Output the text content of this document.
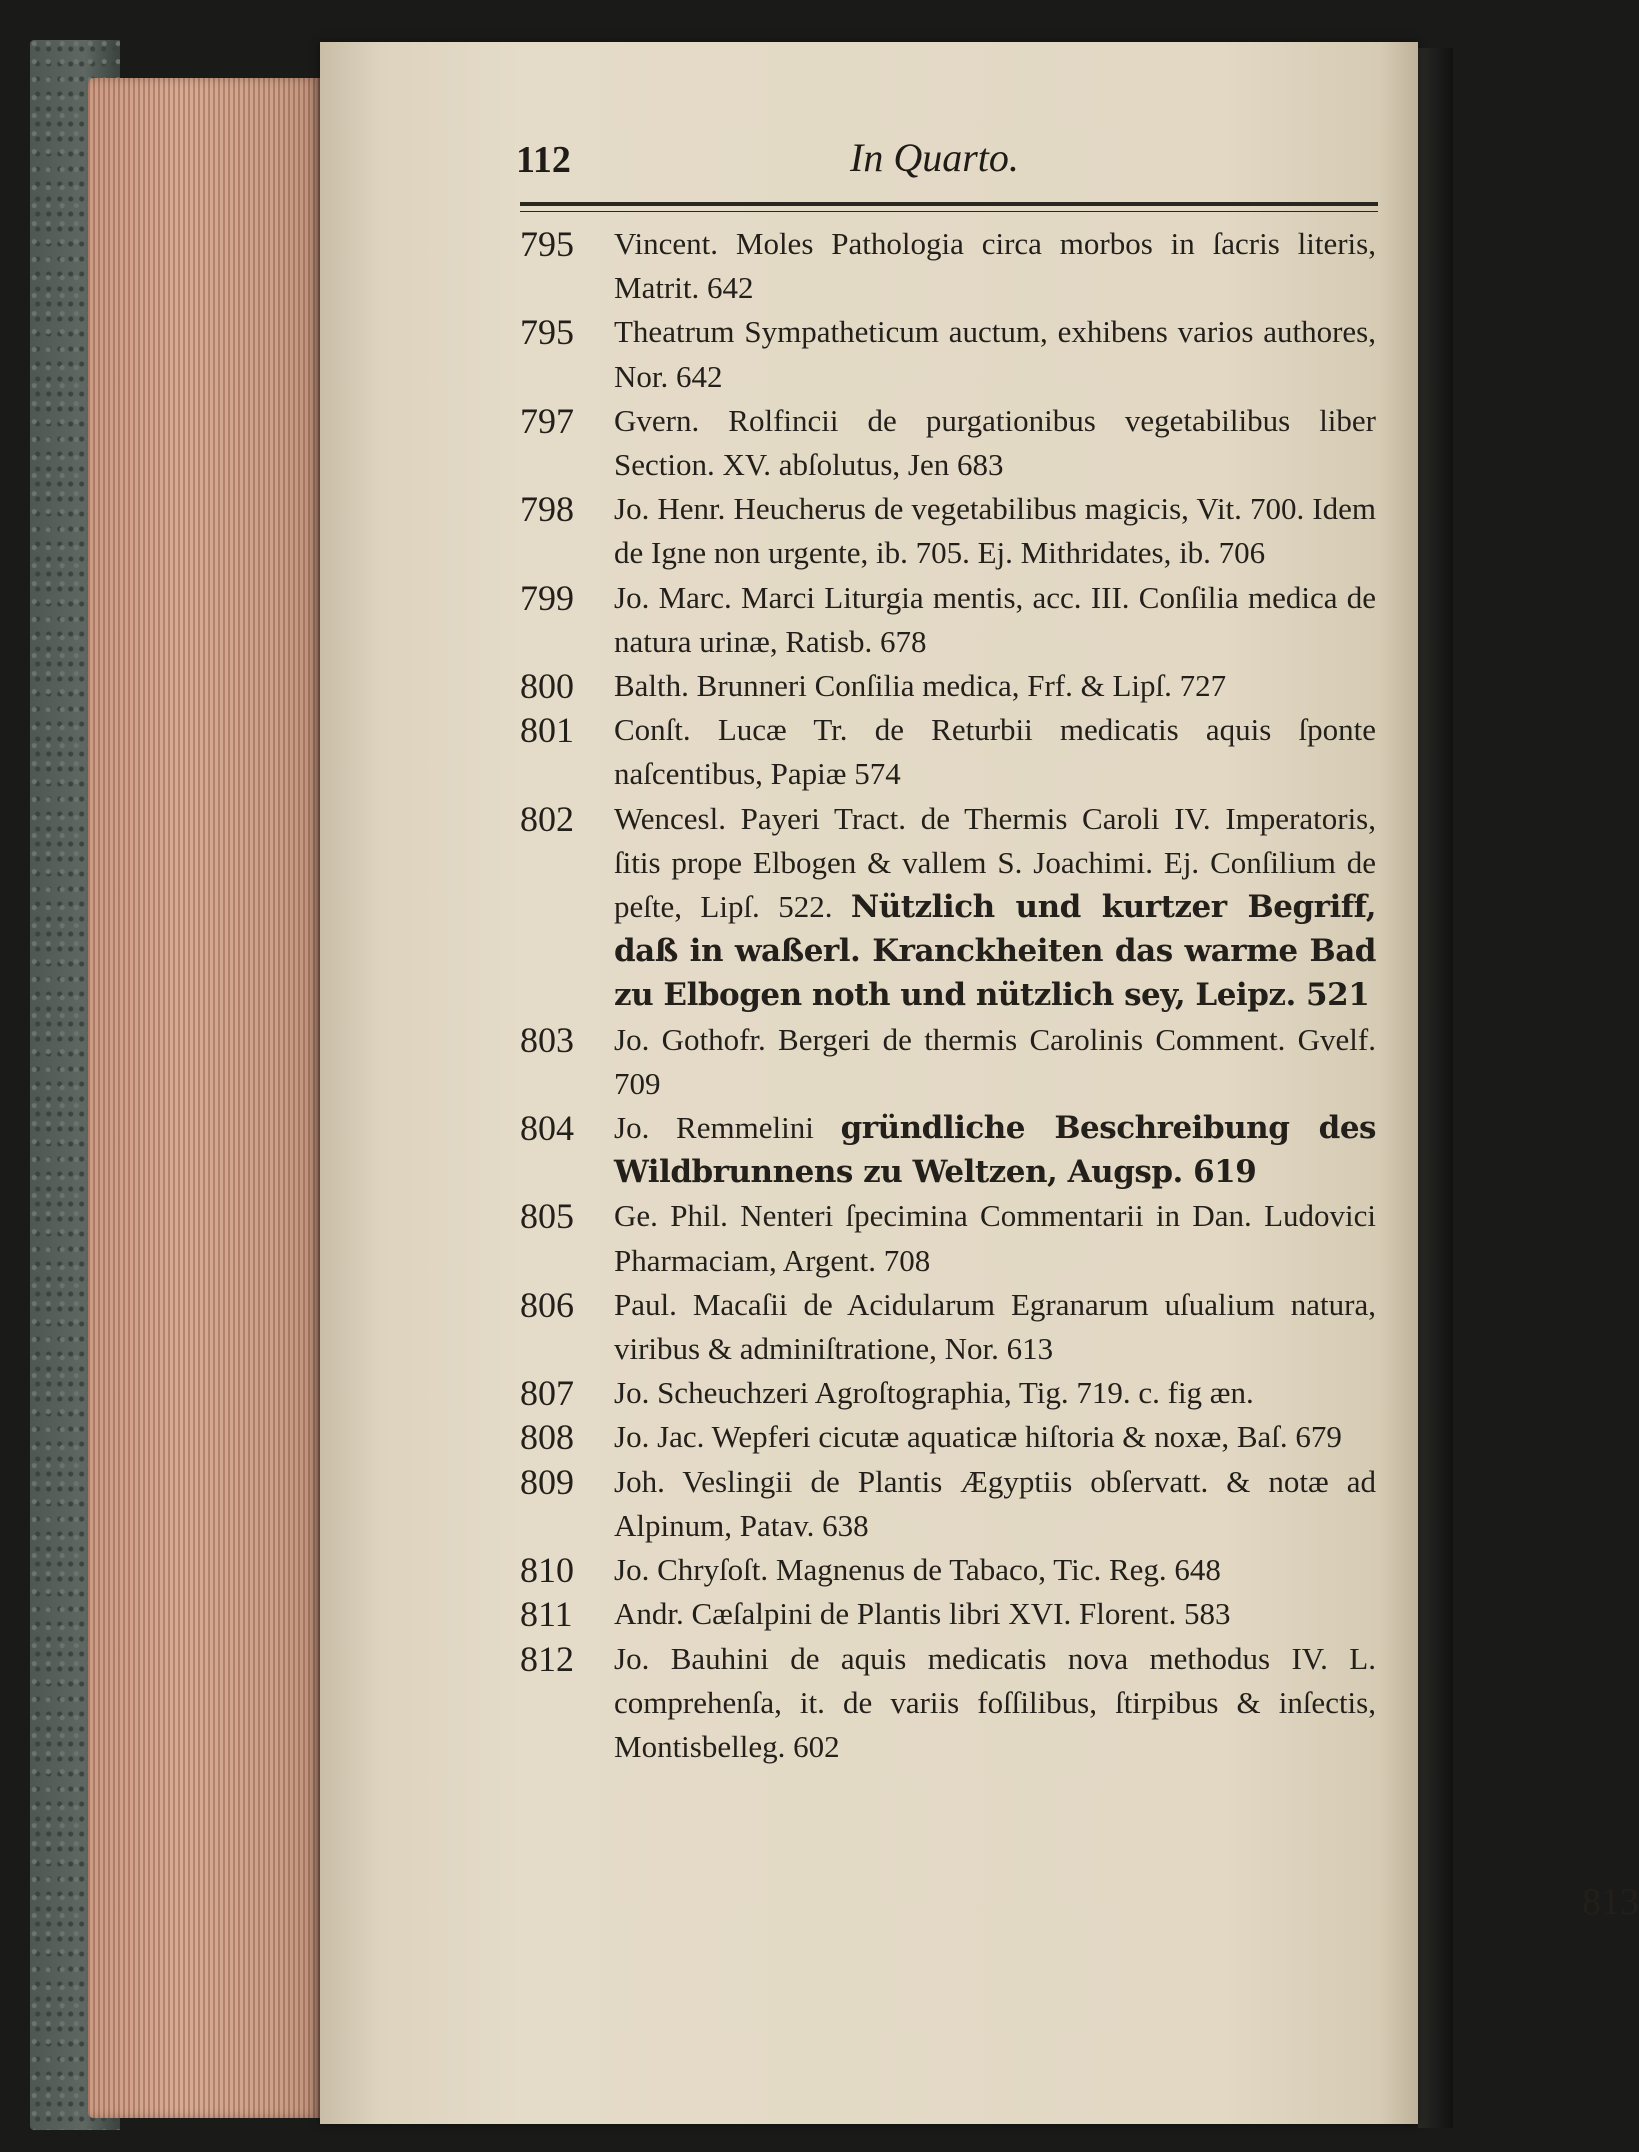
112	In Quarto.
795 Vincent. Moles Pathologia circa morbos in ſacris literis, Matrit. 642
795 Theatrum Sympatheticum auctum, exhibens varios authores, Nor. 642
797 Gvern. Rolfincii de purgationibus vegetabilibus liber Section. XV. abſolutus, Jen 683
798 Jo. Henr. Heucherus de vegetabilibus magicis, Vit. 700. Idem de Igne non urgente, ib. 705. Ej. Mithridates, ib. 706
799 Jo. Marc. Marci Liturgia mentis, acc. III. Conſilia medica de natura urinæ, Ratisb. 678
800 Balth. Brunneri Conſilia medica, Frf. & Lipſ. 727
801 Conſt. Lucæ Tr. de Returbii medicatis aquis ſponte naſcentibus, Papiæ 574
802 Wencesl. Payeri Tract. de Thermis Caroli IV. Imperatoris, ſitis prope Elbogen & vallem S. Joachimi. Ej. Conſilium de peſte, Lipſ. 522. Nützlich und kurtzer Begriff, daß in waßerl. Kranckheiten das warme Bad zu Elbogen noth und nützlich sey, Leipz. 521
803 Jo. Gothofr. Bergeri de thermis Carolinis Comment. Gvelf. 709
804 Jo. Remmelini gründliche Beschreibung des Wildbrunnens zu Weltzen, Augsp. 619
805 Ge. Phil. Nenteri ſpecimina Commentarii in Dan. Ludovici Pharmaciam, Argent. 708
806 Paul. Macaſii de Acidularum Egranarum uſualium natura, viribus & adminiſtratione, Nor. 613
807 Jo. Scheuchzeri Agroſtographia, Tig. 719. c. fig æn.
808 Jo. Jac. Wepferi cicutæ aquaticæ hiſtoria & noxæ, Baſ. 679
809 Joh. Veslingii de Plantis Ægyptiis obſervatt. & notæ ad Alpinum, Patav. 638
810 Jo. Chryſoſt. Magnenus de Tabaco, Tic. Reg. 648
811 Andr. Cæſalpini de Plantis libri XVI. Florent. 583
812 Jo. Bauhini de aquis medicatis nova methodus IV. L. comprehenſa, it. de variis foſſilibus, ſtirpibus & inſectis, Montisbelleg. 602
813
